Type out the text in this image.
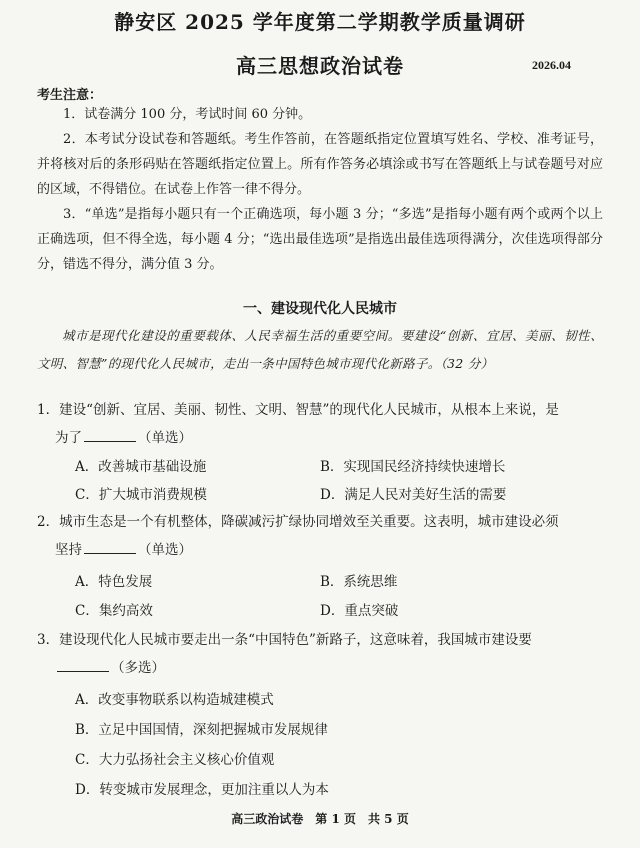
静安区 2025 学年度第二学期教学质量调研
高三思想政治试卷	2026.04
考生注意：

1．试卷满分 100 分，考试时间 60 分钟。

2．本考试分设试卷和答题纸。考生作答前，在答题纸指定位置填写姓名、学校、准考证号，并将核对后的条形码贴在答题纸指定位置上。所有作答务必填涂或书写在答题纸上与试卷题号对应的区域，不得错位。在试卷上作答一律不得分。

3．“单选”是指每小题只有一个正确选项，每小题 3 分；“多选”是指每小题有两个或两个以上正确选项，但不得全选，每小题 4 分；“选出最佳选项”是指选出最佳选项得满分，次佳选项得部分分，错选不得分，满分值 3 分。

一、建设现代化人民城市
城市是现代化建设的重要载体、人民幸福生活的重要空间。要建设“创新、宜居、美丽、韧性、文明、智慧”的现代化人民城市，走出一条中国特色城市现代化新路子。（32 分）

1．建设“创新、宜居、美丽、韧性、文明、智慧”的现代化人民城市，从根本上来说，是

为了	（单选）

A．改善城市基础设施	B．实现国民经济持续快速增长
C．扩大城市消费规模	D．满足人民对美好生活的需要

2．城市生态是一个有机整体，降碳减污扩绿协同增效至关重要。这表明，城市建设必须

坚持	（单选）

A．特色发展	B．系统思维
C．集约高效	D．重点突破

3．建设现代化人民城市要走出一条“中国特色”新路子，这意味着，我国城市建设要

（多选）

A．改变事物联系以构造城建模式
B．立足中国国情，深刻把握城市发展规律
C．大力弘扬社会主义核心价值观
D．转变城市发展理念，更加注重以人为本
高三政治试卷　第 1 页　共 5 页
